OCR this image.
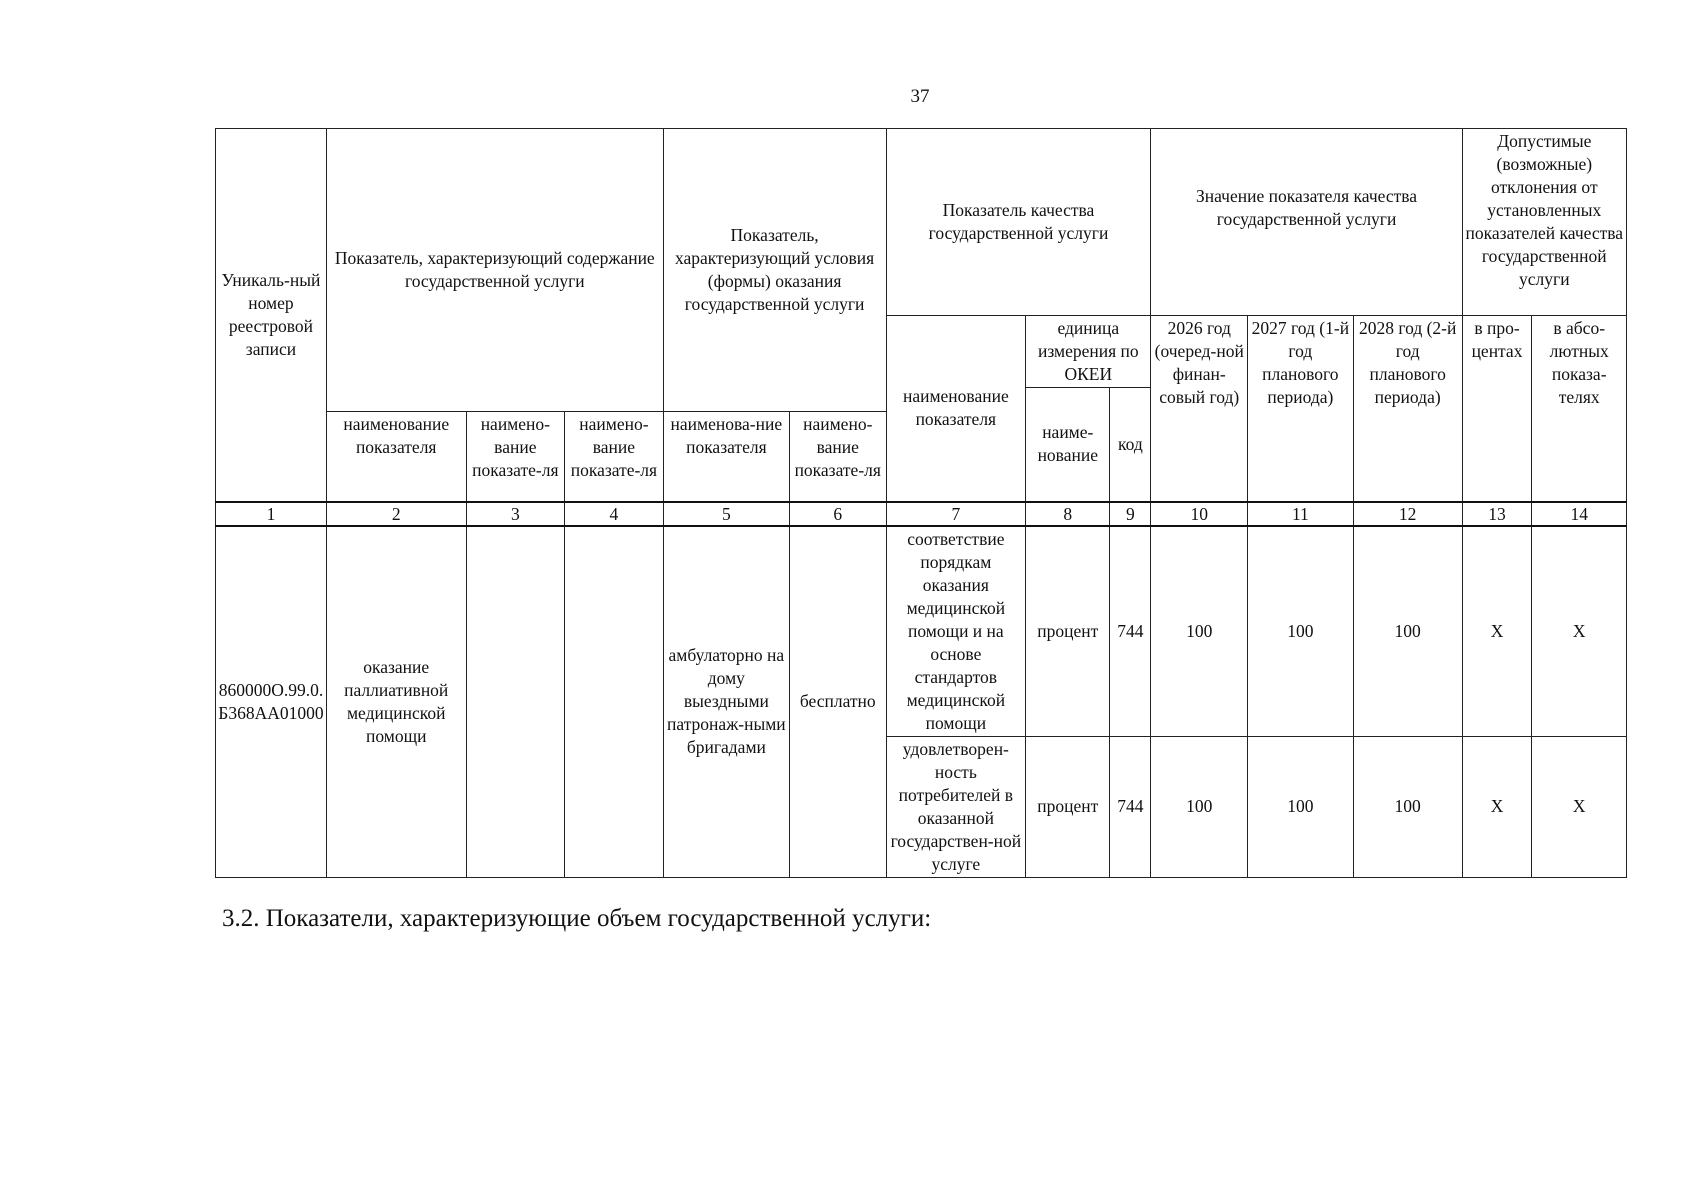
37
Уникаль-ный номер реестровой записи	Показатель, характеризующий содержание государственной услуги			Показатель, характеризующий условия (формы) оказания государственной услуги		Показатель качества государственной услуги			Значение показателя качества государственной услуги			Допустимые (возможные) отклонения от установленных показателей качества государственной услуги	
						наименование показателя	единица измерения по ОКЕИ		2026 год (очеред-ной финан-совый год)	2027 год (1-й год планового периода)	2028 год (2-й год планового периода)	в про-центах	в абсо-лютных показа-телях
							наиме-нование	код					
	наименование показателя	наимено-вание показате-ля	наимено-вание показате-ля	наименова-ние показателя	наимено-вание показате-ля								
1	2	3	4	5	6	7	8	9	10	11	12	13	14
860000О.99.0.Б368АА01000	оказание паллиативной медицинской помощи			амбулаторно на дому выездными патронаж-ными бригадами	бесплатно	соответствие порядкам оказания медицинской помощи и на основе стандартов медицинской помощи	процент	744	100	100	100	Х	Х
						удовлетворен-ность потребителей в оказанной государствен-ной услуге	процент	744	100	100	100	Х	Х
3.2. Показатели, характеризующие объем государственной услуги:
